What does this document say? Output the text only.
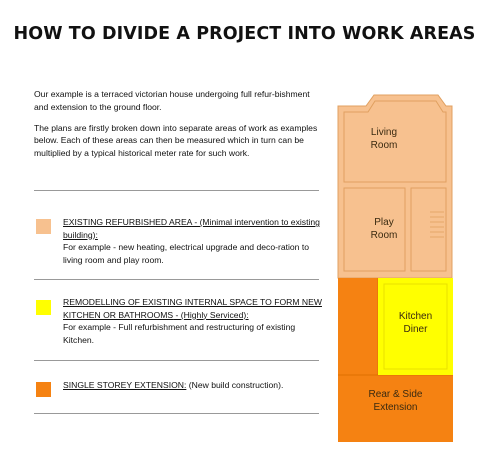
HOW TO DIVIDE A PROJECT INTO WORK AREAS

Our example is a terraced victorian house undergoing full refur-bishment and extension to the ground floor.

The plans are firstly broken down into separate areas of work as examples below. Each of these areas can then be measured which in turn can be multiplied by a typical historical meter rate for such work.

EXISTING REFURBISHED AREA - (Minimal intervention to existing building):
For example - new heating, electrical upgrade and deco-ration to living room and play room.
REMODELLING OF EXISTING INTERNAL SPACE TO FORM NEW KITCHEN OR BATHROOMS - (Highly Serviced):
For example - Full refurbishment and restructuring of existing Kitchen.
SINGLE STOREY EXTENSION: (New build construction).
Living
Room
Play
Room
Kitchen
Diner
Rear & Side
Extension
